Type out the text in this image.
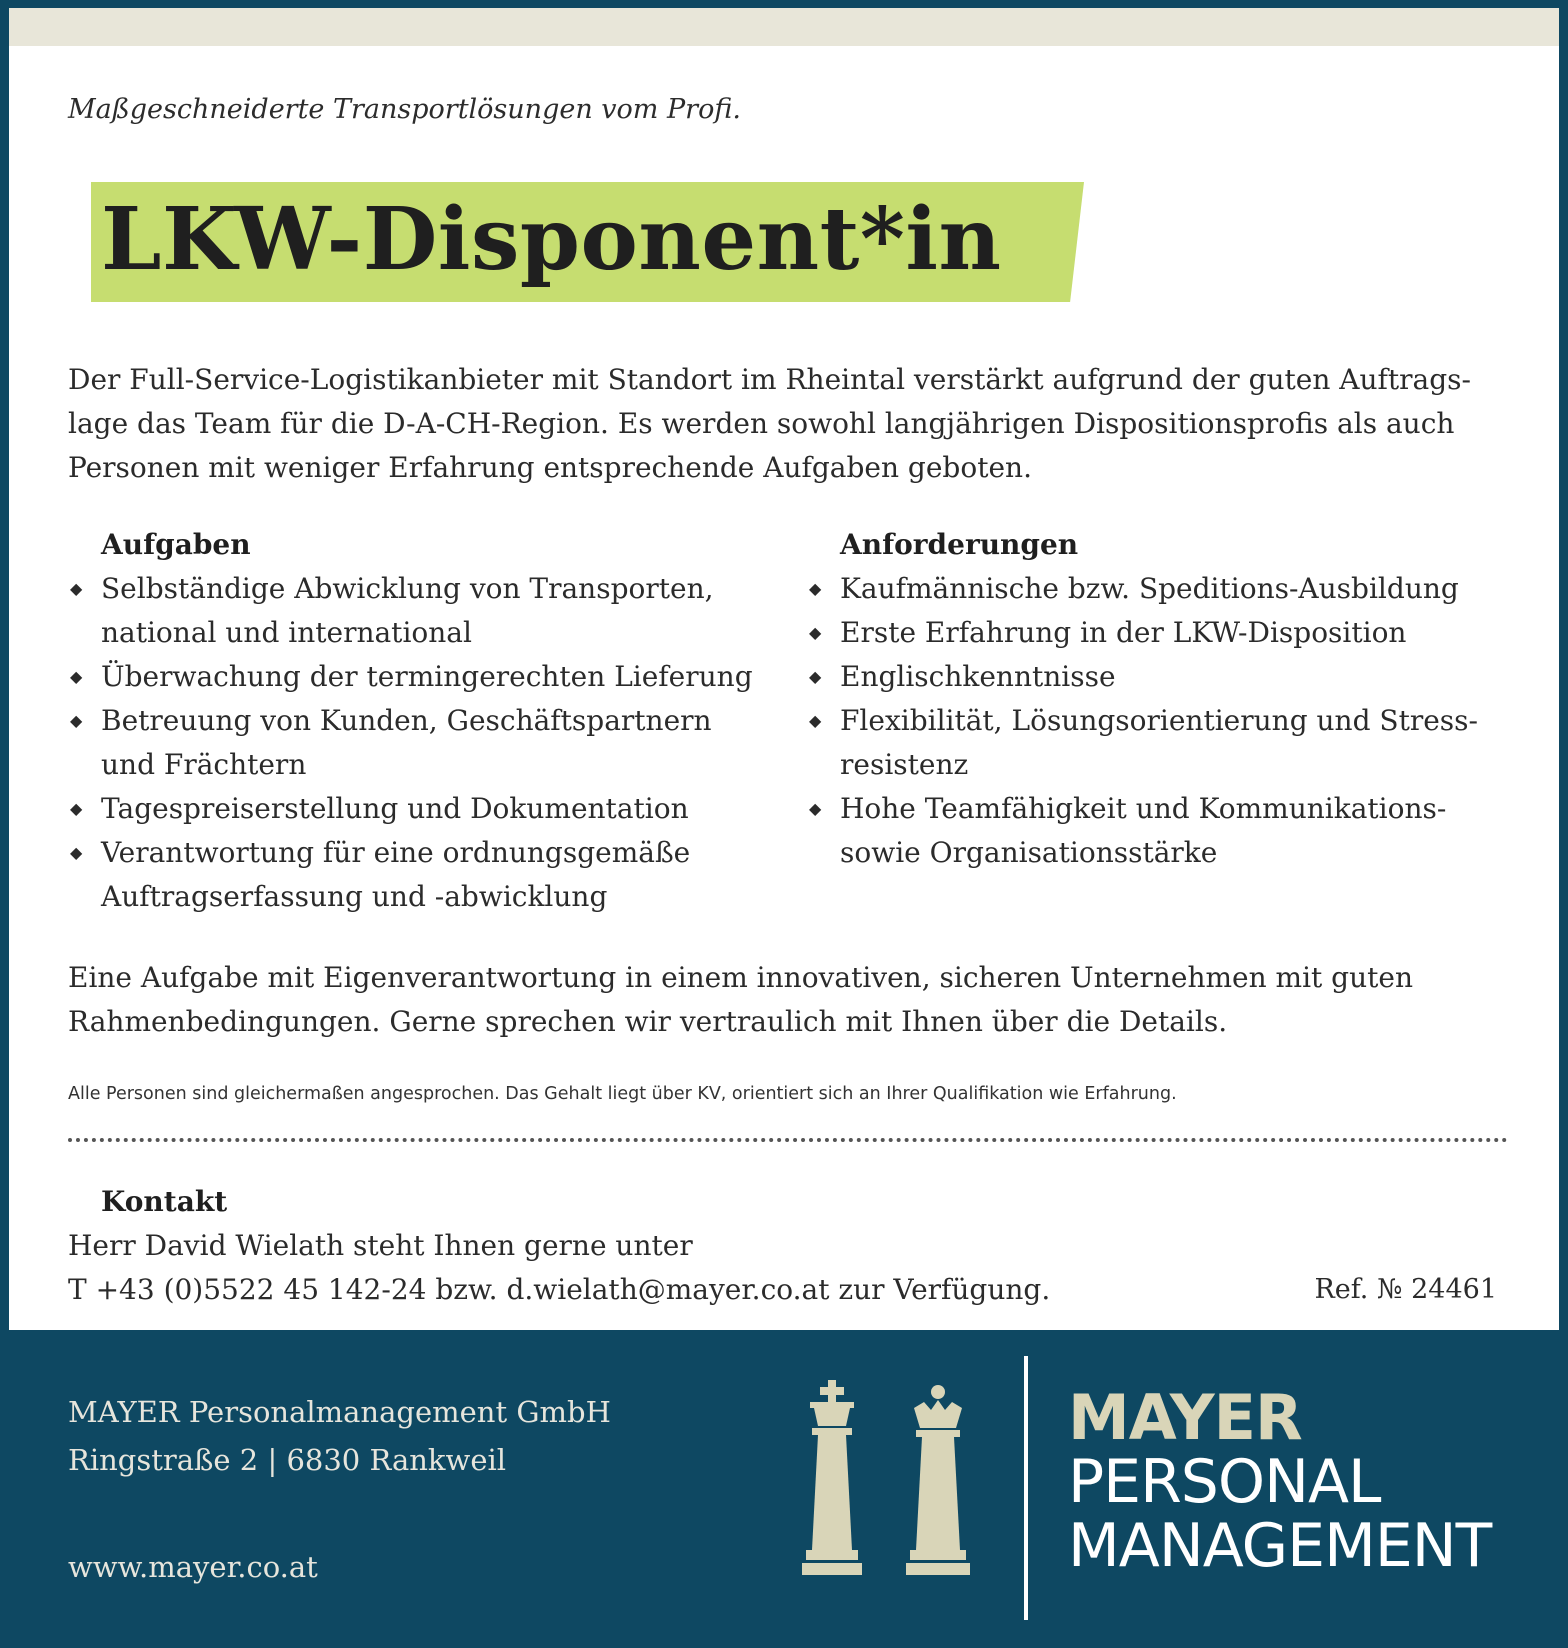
Maßgeschneiderte Transportlösungen vom Profi.
LKW-Disponent*in
Der Full-Service-Logistikanbieter mit Standort im Rheintal verstärkt aufgrund der guten Auftrags-
lage das Team für die D-A-CH-Region. Es werden sowohl langjährigen Dispositionsprofis als auch
Personen mit weniger Erfahrung entsprechende Aufgaben geboten.
Aufgaben
◆ Selbständige Abwicklung von Transporten,
national und international
◆ Überwachung der termingerechten Lieferung
◆ Betreuung von Kunden, Geschäftspartnern
und Frächtern
◆ Tagespreiserstellung und Dokumentation
◆ Verantwortung für eine ordnungsgemäße
Auftragserfassung und -abwicklung
Anforderungen
◆ Kaufmännische bzw. Speditions-Ausbildung
◆ Erste Erfahrung in der LKW-Disposition
◆ Englischkenntnisse
◆ Flexibilität, Lösungsorientierung und Stress-
resistenz
◆ Hohe Teamfähigkeit und Kommunikations-
sowie Organisationsstärke
Eine Aufgabe mit Eigenverantwortung in einem innovativen, sicheren Unternehmen mit guten
Rahmenbedingungen. Gerne sprechen wir vertraulich mit Ihnen über die Details.
Alle Personen sind gleichermaßen angesprochen. Das Gehalt liegt über KV, orientiert sich an Ihrer Qualifikation wie Erfahrung.
Kontakt
Herr David Wielath steht Ihnen gerne unter
T +43 (0)5522 45 142-24 bzw. d.wielath@mayer.co.at zur Verfügung.	Ref. № 24461
MAYER Personalmanagement GmbH
Ringstraße 2 | 6830 Rankweil
www.mayer.co.at
MAYER
PERSONAL
MANAGEMENT
